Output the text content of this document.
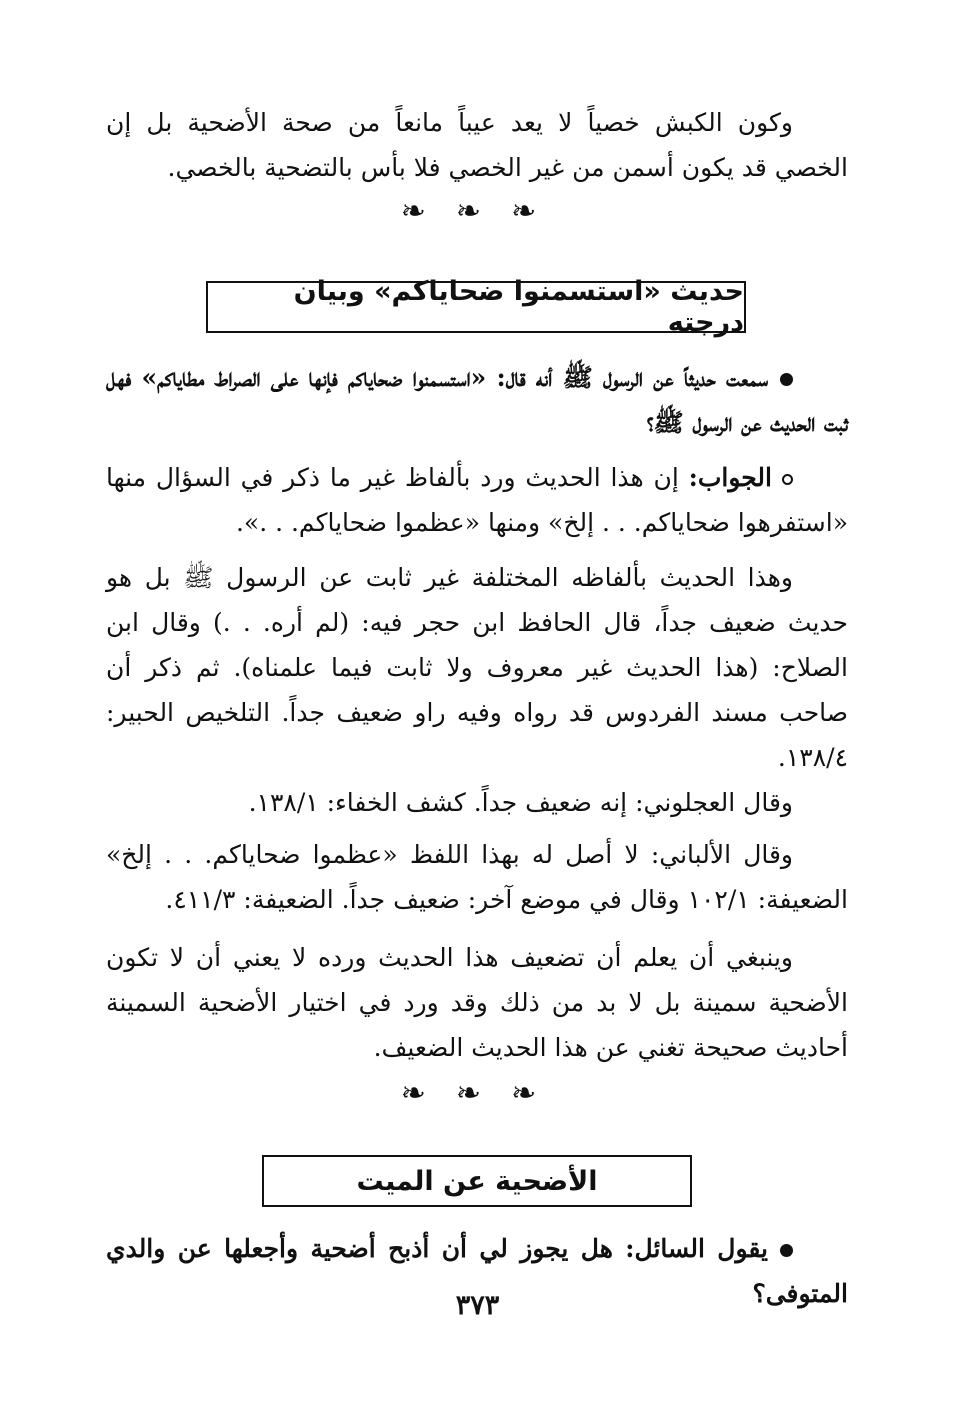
وكون الكبش خصياً لا يعد عيباً مانعاً من صحة الأضحية بل إن الخصي قد يكون أسمن من غير الخصي فلا بأس بالتضحية بالخصي.

❧ ❧ ❧
حديث «استسمنوا ضحاياكم» وبيان درجته

سمعت حديثاً عن الرسول ﷺ أنه قال: «استسمنوا ضحاياكم فإنها على الصراط مطاياكم» فهل ثبت الحديث عن الرسول ﷺ؟

الجواب: إن هذا الحديث ورد بألفاظ غير ما ذكر في السؤال منها «استفرهوا ضحاياكم. . . إلخ» ومنها «عظموا ضحاياكم. . .».

وهذا الحديث بألفاظه المختلفة غير ثابت عن الرسول ﷺ بل هو حديث ضعيف جداً، قال الحافظ ابن حجر فيه: (لم أره. . .) وقال ابن الصلاح: (هذا الحديث غير معروف ولا ثابت فيما علمناه). ثم ذكر أن صاحب مسند الفردوس قد رواه وفيه راو ضعيف جداً. التلخيص الحبير: ١٣٨/٤.

وقال العجلوني: إنه ضعيف جداً. كشف الخفاء: ١٣٨/١.

وقال الألباني: لا أصل له بهذا اللفظ «عظموا ضحاياكم. . . إلخ» الضعيفة: ١٠٢/١ وقال في موضع آخر: ضعيف جداً. الضعيفة: ٤١١/٣.

وينبغي أن يعلم أن تضعيف هذا الحديث ورده لا يعني أن لا تكون الأضحية سمينة بل لا بد من ذلك وقد ورد في اختيار الأضحية السمينة أحاديث صحيحة تغني عن هذا الحديث الضعيف.

❧ ❧ ❧
الأضحية عن الميت

يقول السائل: هل يجوز لي أن أذبح أضحية وأجعلها عن والدي المتوفى؟

٣٧٣
